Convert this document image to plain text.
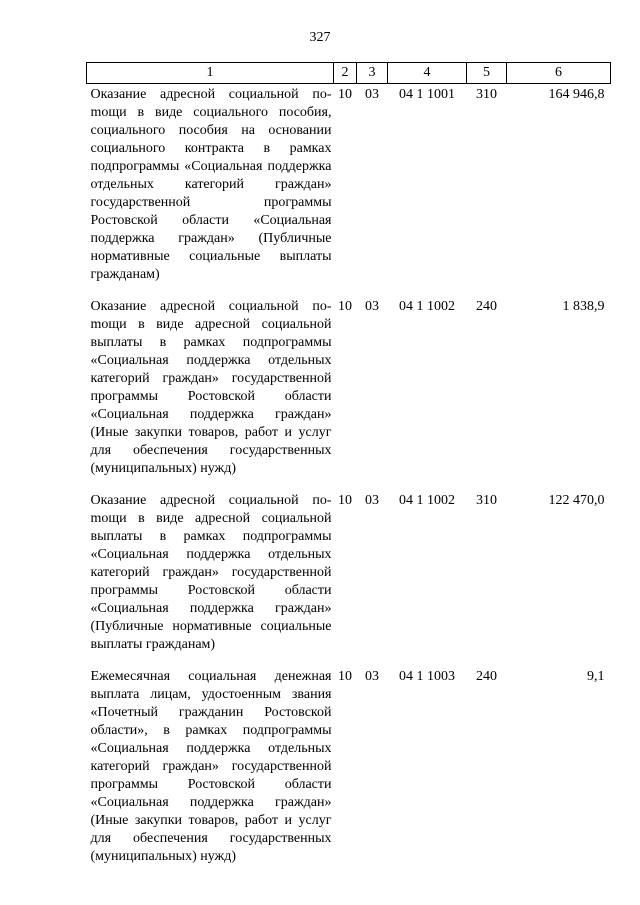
327
1	2	3	4	5	6
Оказание адресной социальной поmощи в виде социального пособия, социального пособия на основании социального контракта в рамках подпрограммы «Социальная поддержка отдельных категорий граждан» государственной программы Ростовской области «Социальная поддержка граждан» (Публичные нормативные социальные выплаты гражданам)	10	03	04 1 1001	310	164 946,8
Оказание адресной социальной поmощи в виде адресной социальной выплаты в рамках подпрограммы «Социальная поддержка отдельных категорий граждан» государственной программы Ростовской области «Социальная поддержка граждан» (Иные закупки товаров, работ и услуг для обеспечения государственных (муниципальных) нужд)	10	03	04 1 1002	240	1 838,9
Оказание адресной социальной поmощи в виде адресной социальной выплаты в рамках подпрограммы «Социальная поддержка отдельных категорий граждан» государственной программы Ростовской области «Социальная поддержка граждан» (Публичные нормативные социальные выплаты гражданам)	10	03	04 1 1002	310	122 470,0
Ежемесячная социальная денежная выплата лицам, удостоенным звания «Почетный гражданин Ростовской области», в рамках подпрограммы «Социальная поддержка отдельных категорий граждан» государственной программы Ростовской области «Социальная поддержка граждан» (Иные закупки товаров, работ и услуг для обеспечения государственных (муниципальных) нужд)	10	03	04 1 1003	240	9,1
